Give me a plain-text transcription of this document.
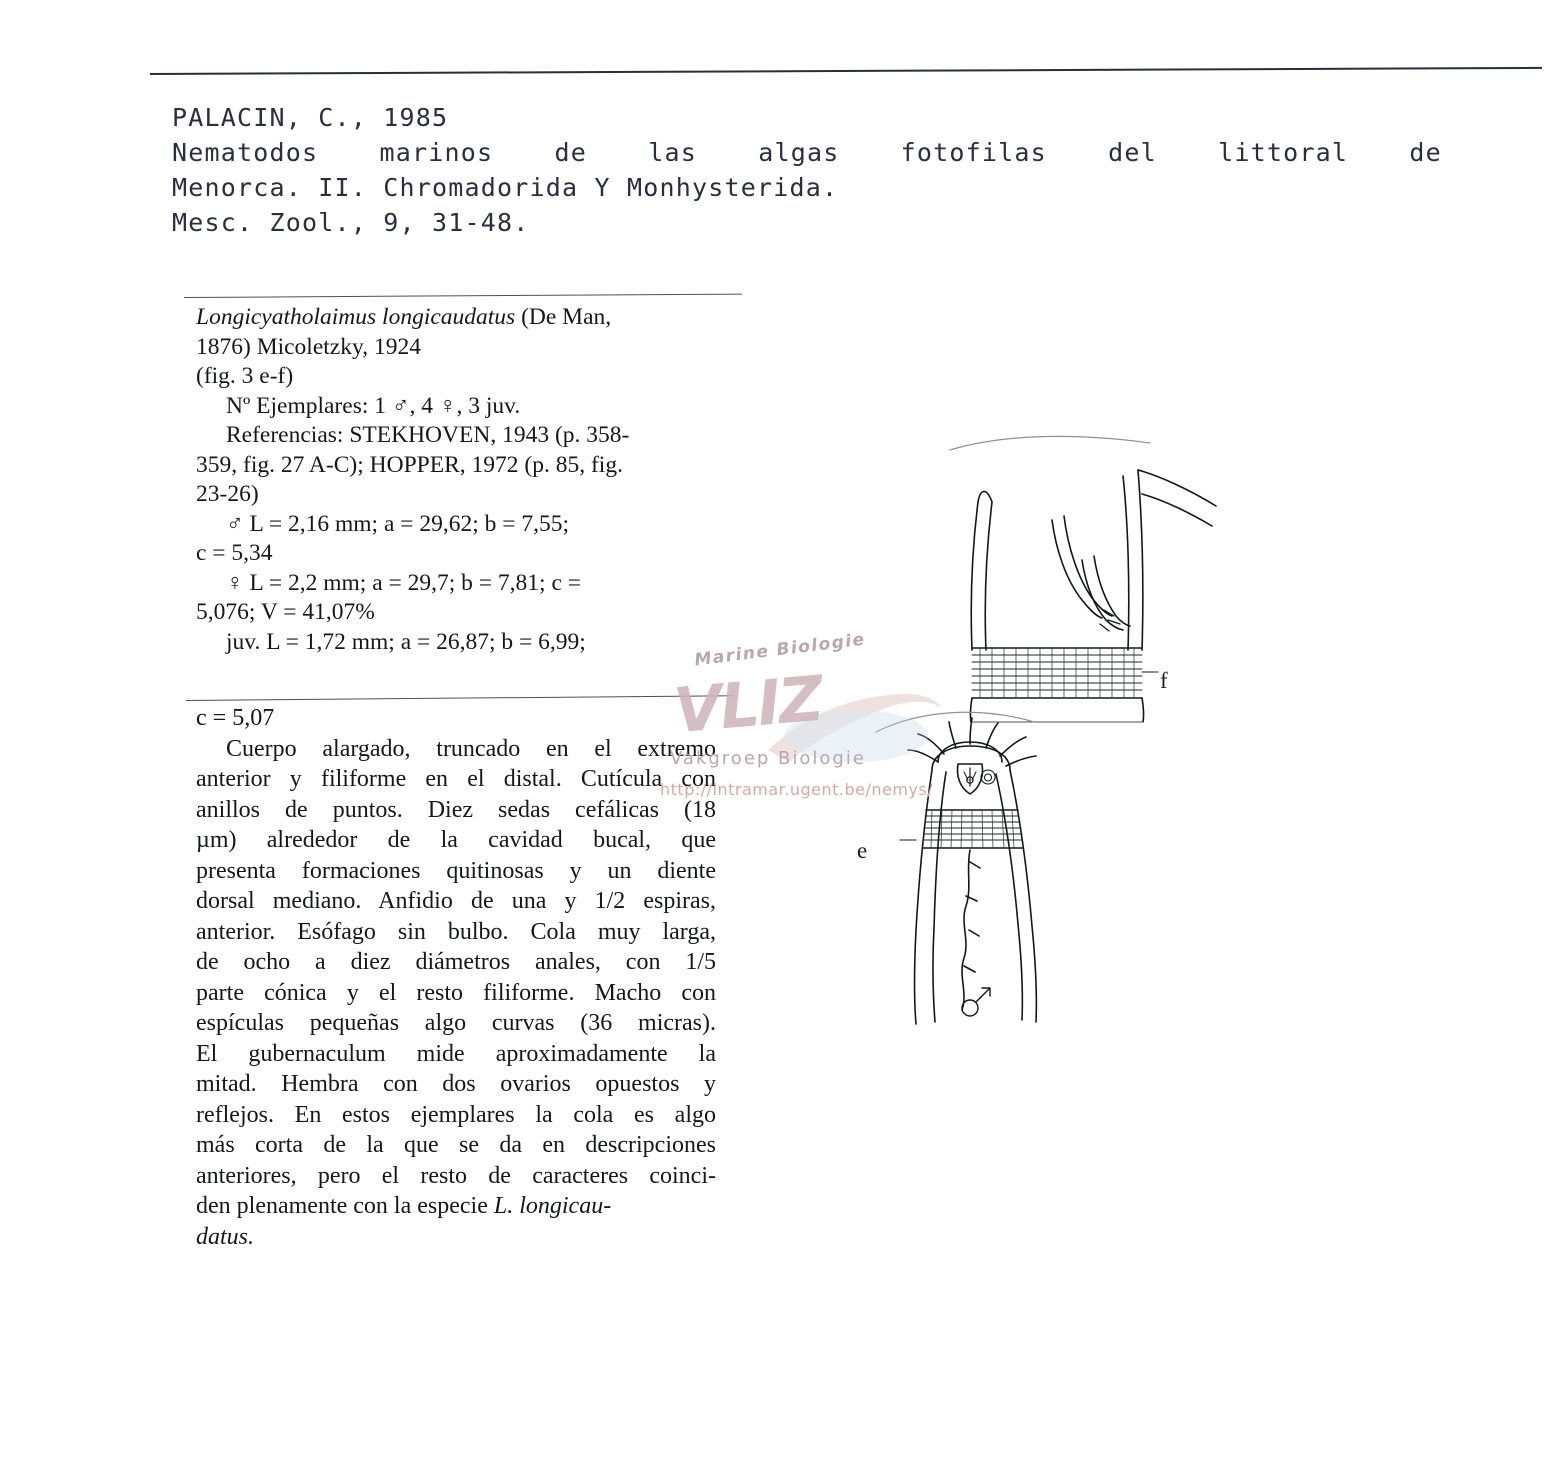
PALACIN, C., 1985
Nematodos marinos de las algas fotofilas del littoral de
Menorca. II. Chromadorida Y Monhysterida.
Mesc. Zool., 9, 31-48.

Longicyatholaimus longicaudatus (De Man,

1876) Micoletzky, 1924

(fig. 3 e-f)

Nº Ejemplares: 1 ♂, 4 ♀, 3 juv.

Referencias: STEKHOVEN, 1943 (p. 358-

359, fig. 27 A-C); HOPPER, 1972 (p. 85, fig.

23-26)

♂ L = 2,16 mm; a = 29,62; b = 7,55;

c = 5,34

♀ L = 2,2 mm; a = 29,7; b = 7,81; c =

5,076; V = 41,07%

juv. L = 1,72 mm; a = 26,87; b = 6,99;

c = 5,07

Cuerpo alargado, truncado en el extremo

anterior y filiforme en el distal. Cutícula con

anillos de puntos. Diez sedas cefálicas (18

µm) alrededor de la cavidad bucal, que

presenta formaciones quitinosas y un diente

dorsal mediano. Anfidio de una y 1/2 espiras,

anterior. Esófago sin bulbo. Cola muy larga,

de ocho a diez diámetros anales, con 1/5

parte cónica y el resto filiforme. Macho con

espículas pequeñas algo curvas (36 micras).

El gubernaculum mide aproximadamente la

mitad. Hembra con dos ovarios opuestos y

reflejos. En estos ejemplares la cola es algo

más corta de la que se da en descripciones

anteriores, pero el resto de caracteres coinci-

den plenamente con la especie L. longicau-

datus.

f
e
Marine Biologie
VLIZ
Vakgroep Biologie
http://intramar.ugent.be/nemys/
